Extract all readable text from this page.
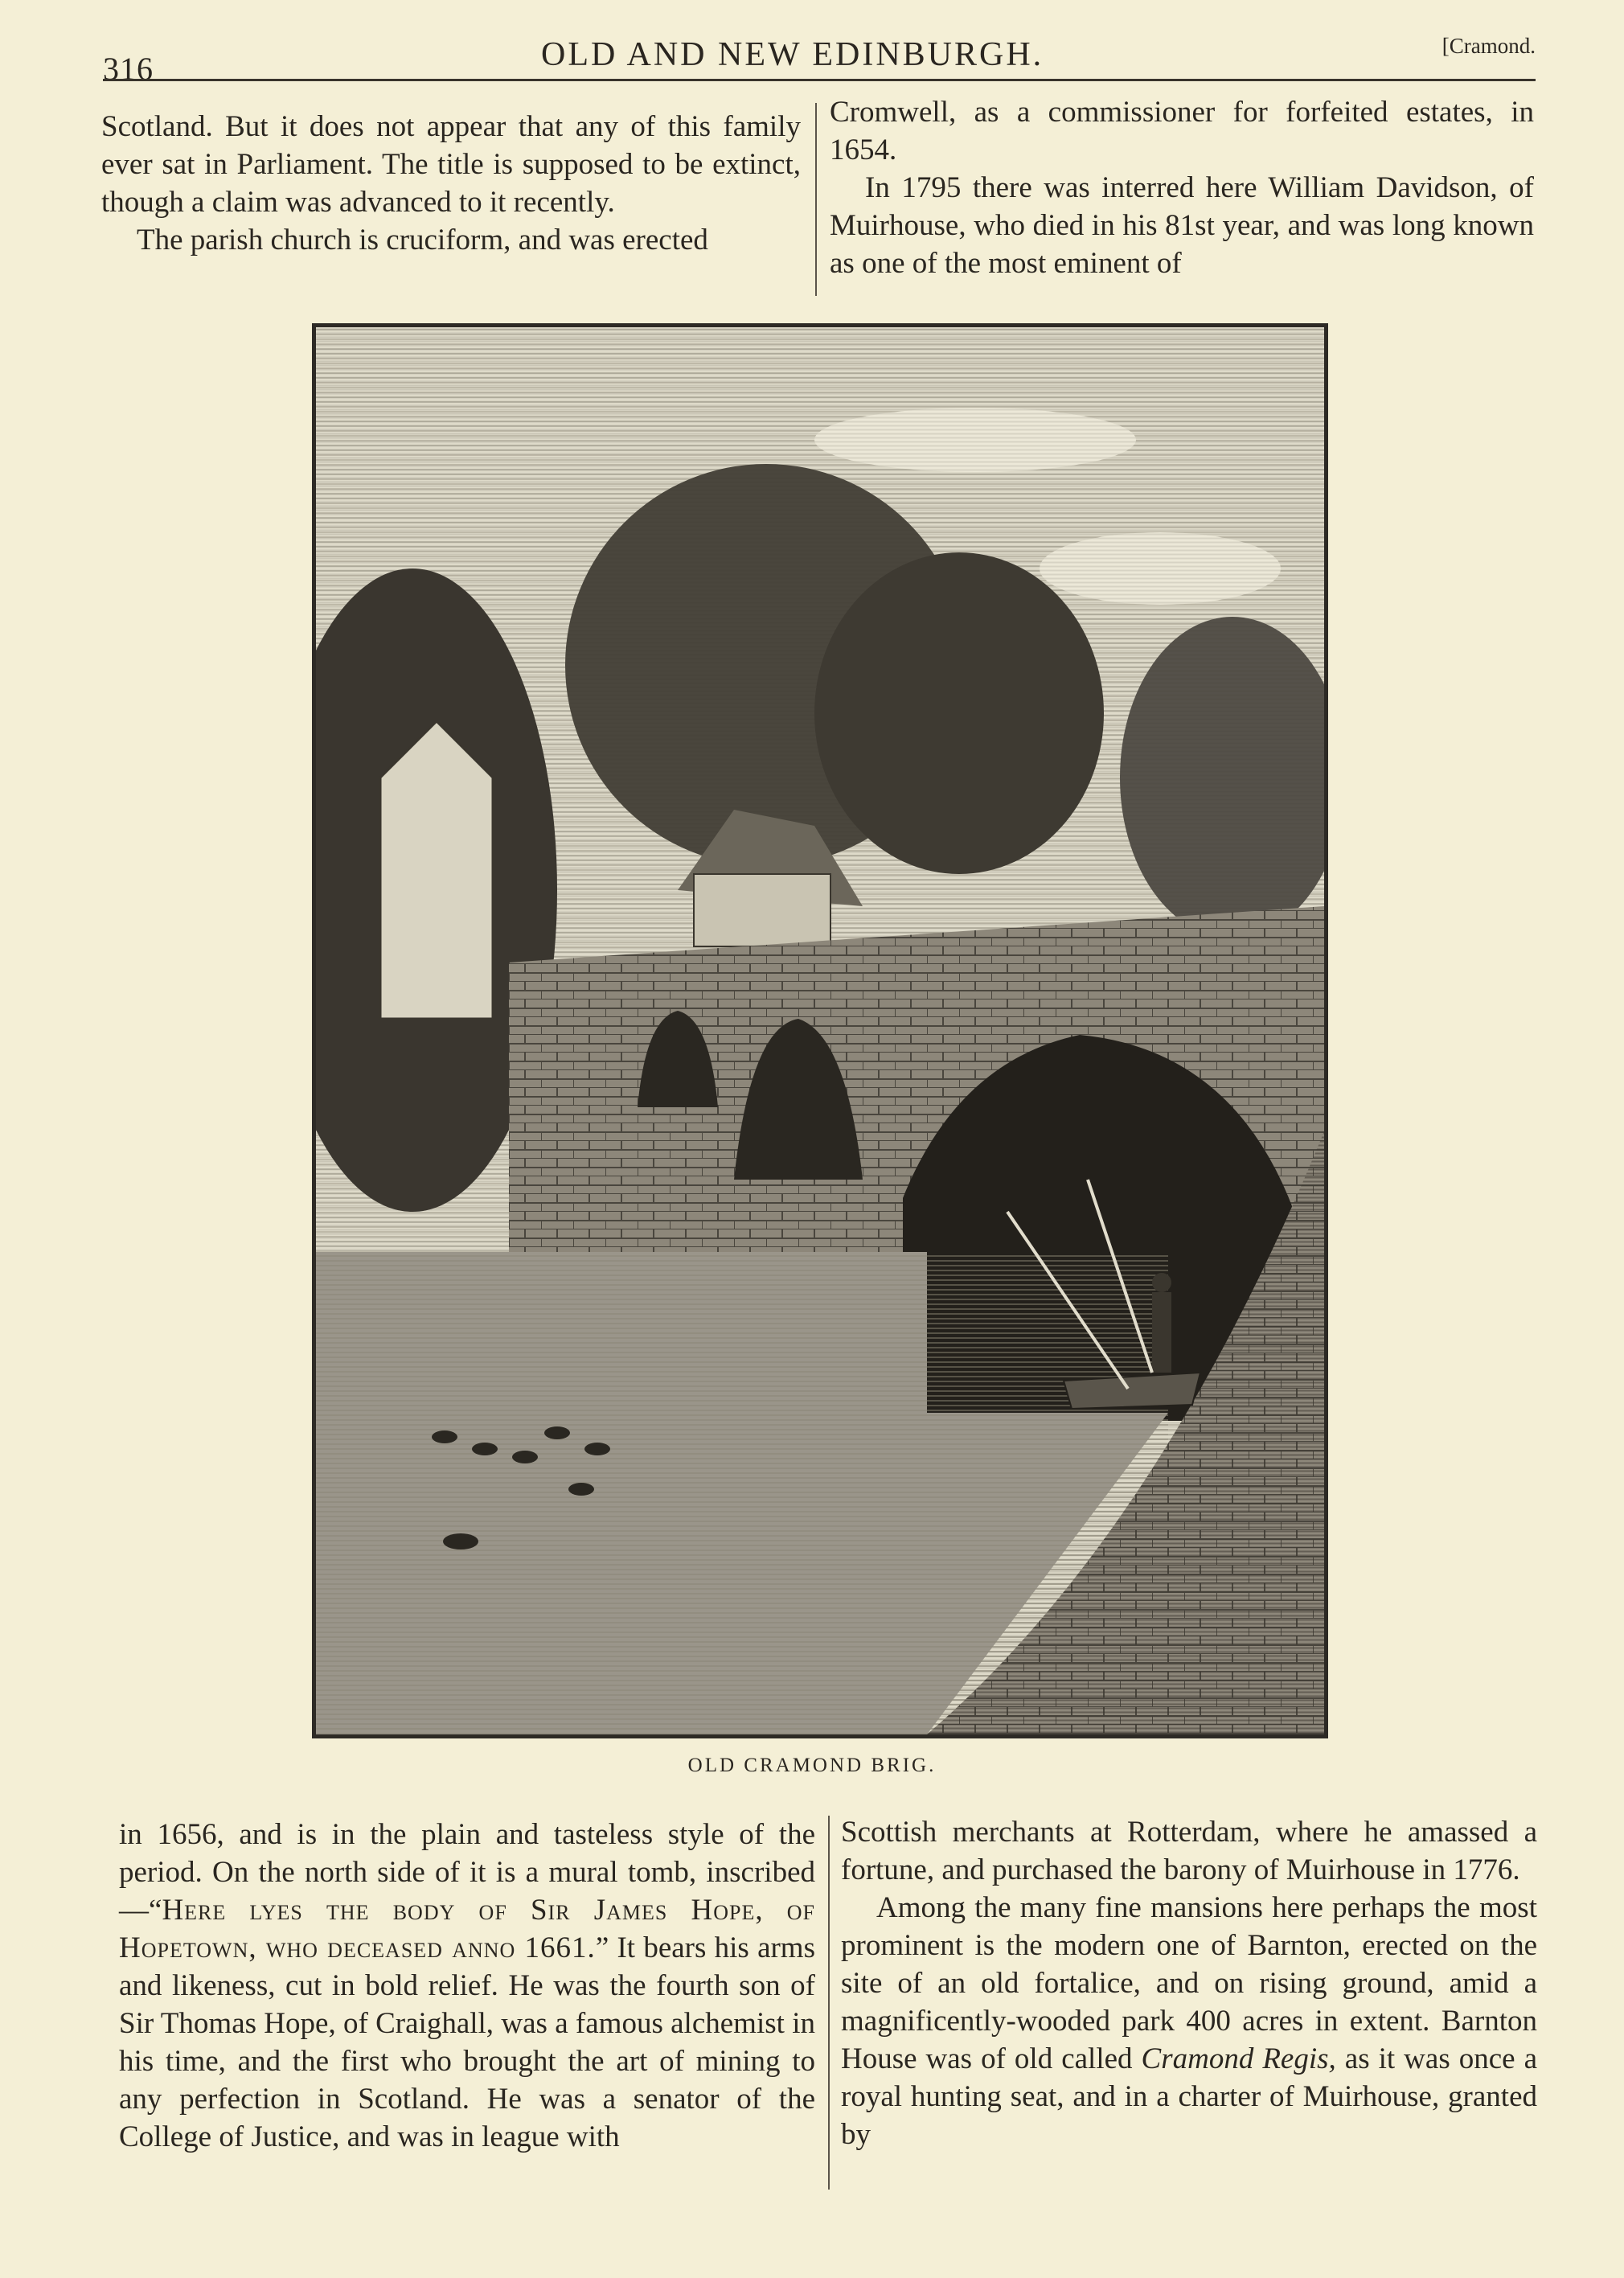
316	OLD AND NEW EDINBURGH.	[Cramond.

Scotland. But it does not appear that any of this family ever sat in Parliament. The title is supposed to be extinct, though a claim was advanced to it recently.

The parish church is cruciform, and was erected

Cromwell, as a commissioner for forfeited estates, in 1654.

In 1795 there was interred here William Davidson, of Muirhouse, who died in his 81st year, and was long known as one of the most eminent of

OLD CRAMOND BRIG.

in 1656, and is in the plain and tasteless style of the period. On the north side of it is a mural tomb, inscribed—“Here lyes the body of Sir James Hope, of Hopetown, who deceased anno 1661.” It bears his arms and likeness, cut in bold relief. He was the fourth son of Sir Thomas Hope, of Craighall, was a famous alchemist in his time, and the first who brought the art of mining to any perfection in Scotland. He was a senator of the College of Justice, and was in league with

Scottish merchants at Rotterdam, where he amassed a fortune, and purchased the barony of Muirhouse in 1776.

Among the many fine mansions here perhaps the most prominent is the modern one of Barnton, erected on the site of an old fortalice, and on rising ground, amid a magnificently-wooded park 400 acres in extent. Barnton House was of old called Cramond Regis, as it was once a royal hunting seat, and in a charter of Muirhouse, granted by
